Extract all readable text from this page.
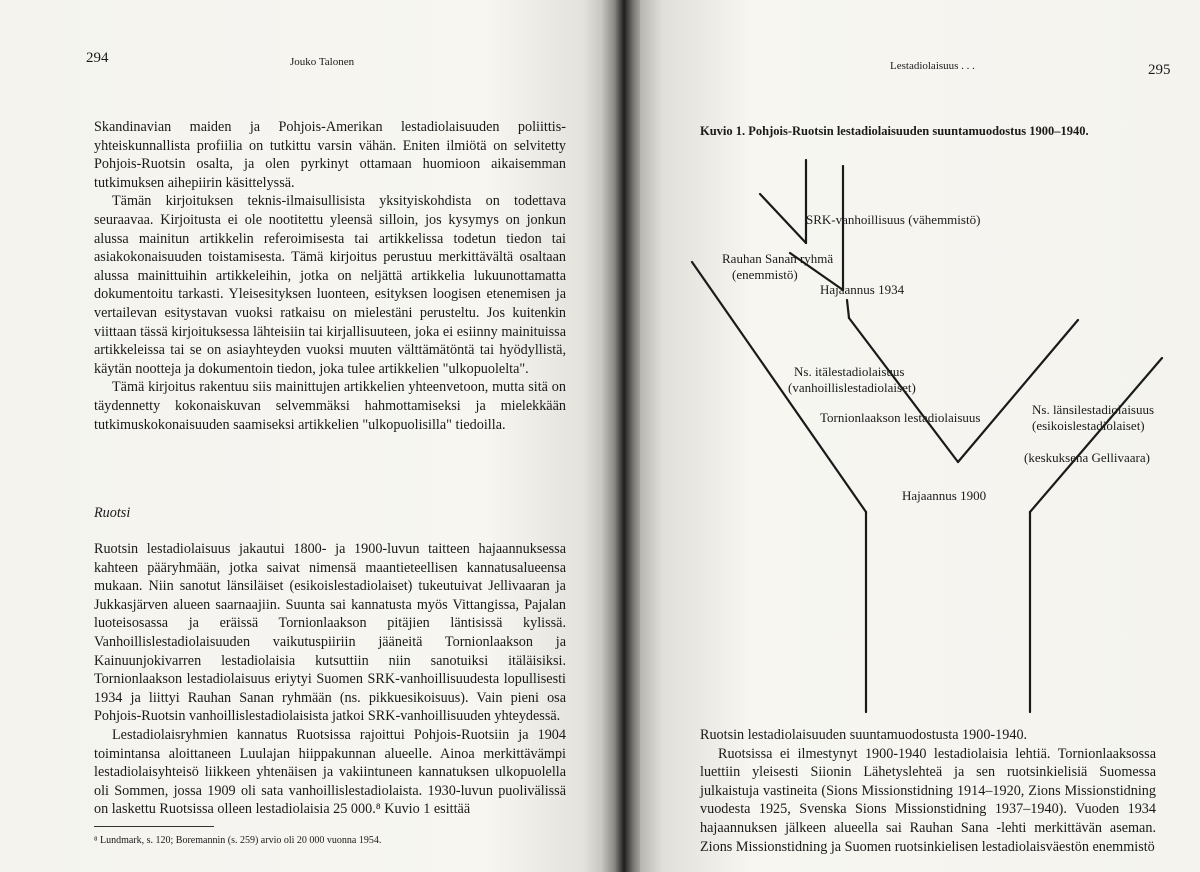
294	Jouko Talonen

Skandinavian maiden ja Pohjois-Amerikan lestadiolaisuuden poliittis-yhteiskunnallista profiilia on tutkittu varsin vähän. Eniten ilmiötä on selvitetty Pohjois-Ruotsin osalta, ja olen pyrkinyt ottamaan huomioon aikaisemman tutkimuksen aihepiirin käsittelyssä.

Tämän kirjoituksen teknis-ilmaisullisista yksityiskohdista on todettava seuraavaa. Kirjoitusta ei ole nootitettu yleensä silloin, jos kysymys on jonkun alussa mainitun artikkelin referoimisesta tai artikkelissa todetun tiedon tai asiakokonaisuuden toistamisesta. Tämä kirjoitus perustuu merkittävältä osaltaan alussa mainittuihin artikkeleihin, jotka on neljättä artikkelia lukuunottamatta dokumentoitu tarkasti. Yleisesityksen luonteen, esityksen loogisen etenemisen ja vertailevan esitystavan vuoksi ratkaisu on mielestäni perusteltu. Jos kuitenkin viittaan tässä kirjoituksessa lähteisiin tai kirjallisuuteen, joka ei esiinny mainituissa artikkeleissa tai se on asiayhteyden vuoksi muuten välttämätöntä tai hyödyllistä, käytän nootteja ja dokumentoin tiedon, joka tulee artikkelien "ulkopuolelta".

Tämä kirjoitus rakentuu siis mainittujen artikkelien yhteenvetoon, mutta sitä on täydennetty kokonaiskuvan selvemmäksi hahmottamiseksi ja mielekkään tutkimuskokonaisuuden saamiseksi artikkelien "ulkopuolisilla" tiedoilla.

Ruotsi

Ruotsin lestadiolaisuus jakautui 1800- ja 1900-luvun taitteen hajaannuksessa kahteen pääryhmään, jotka saivat nimensä maantieteellisen kannatusalueensa mukaan. Niin sanotut länsiläiset (esikoislestadiolaiset) tukeutuivat Jellivaaran ja Jukkasjärven alueen saarnaajiin. Suunta sai kannatusta myös Vittangissa, Pajalan luoteisosassa ja eräissä Tornionlaakson pitäjien läntisissä kylissä. Vanhoillislestadiolaisuuden vaikutuspiiriin jääneitä Tornionlaakson ja Kainuunjokivarren lestadiolaisia kutsuttiin niin sanotuiksi itäläisiksi. Tornionlaakson lestadiolaisuus eriytyi Suomen SRK-vanhoillisuudesta lopullisesti 1934 ja liittyi Rauhan Sanan ryhmään (ns. pikkuesikoisuus). Vain pieni osa Pohjois-Ruotsin vanhoillislestadiolaisista jatkoi SRK-vanhoillisuuden yhteydessä.

Lestadiolaisryhmien kannatus Ruotsissa rajoittui Pohjois-Ruotsiin ja 1904 toimintansa aloittaneen Luulajan hiippakunnan alueelle. Ainoa merkittävämpi lestadiolaisyhteisö liikkeen yhtenäisen ja vakiintuneen kannatuksen ulkopuolella oli Sommen, jossa 1909 oli sata vanhoillislestadiolaista. 1930-luvun puolivälissä on laskettu Ruotsissa olleen lestadiolaisia 25 000.⁸ Kuvio 1 esittää

⁸ Lundmark, s. 120; Boremannin (s. 259) arvio oli 20 000 vuonna 1954.
Lestadiolaisuus . . .	295
Kuvio 1. Pohjois-Ruotsin lestadiolaisuuden suuntamuodostus 1900–1940.
SRK-vanhoillisuus (vähemmistö)
Rauhan Sanan ryhmä
(enemmistö)
Hajaannus 1934
Ns. itälestadiolaisuus
(vanhoillislestadiolaiset)
Tornionlaakson lestadiolaisuus
Ns. länsilestadiolaisuus
(esikoislestadiolaiset)
(keskuksena Gellivaara)
Hajaannus 1900

Ruotsin lestadiolaisuuden suuntamuodostusta 1900-1940.

Ruotsissa ei ilmestynyt 1900-1940 lestadiolaisia lehtiä. Tornionlaaksossa luettiin yleisesti Siionin Lähetyslehteä ja sen ruotsinkielisiä Suomessa julkaistuja vastineita (Sions Missionstidning 1914–1920, Zions Missionstidning vuodesta 1925, Svenska Sions Missionstidning 1937–1940). Vuoden 1934 hajaannuksen jälkeen alueella sai Rauhan Sana -lehti merkittävän aseman. Zions Missionstidning ja Suomen ruotsinkielisen lestadiolaisväestön enemmistö
